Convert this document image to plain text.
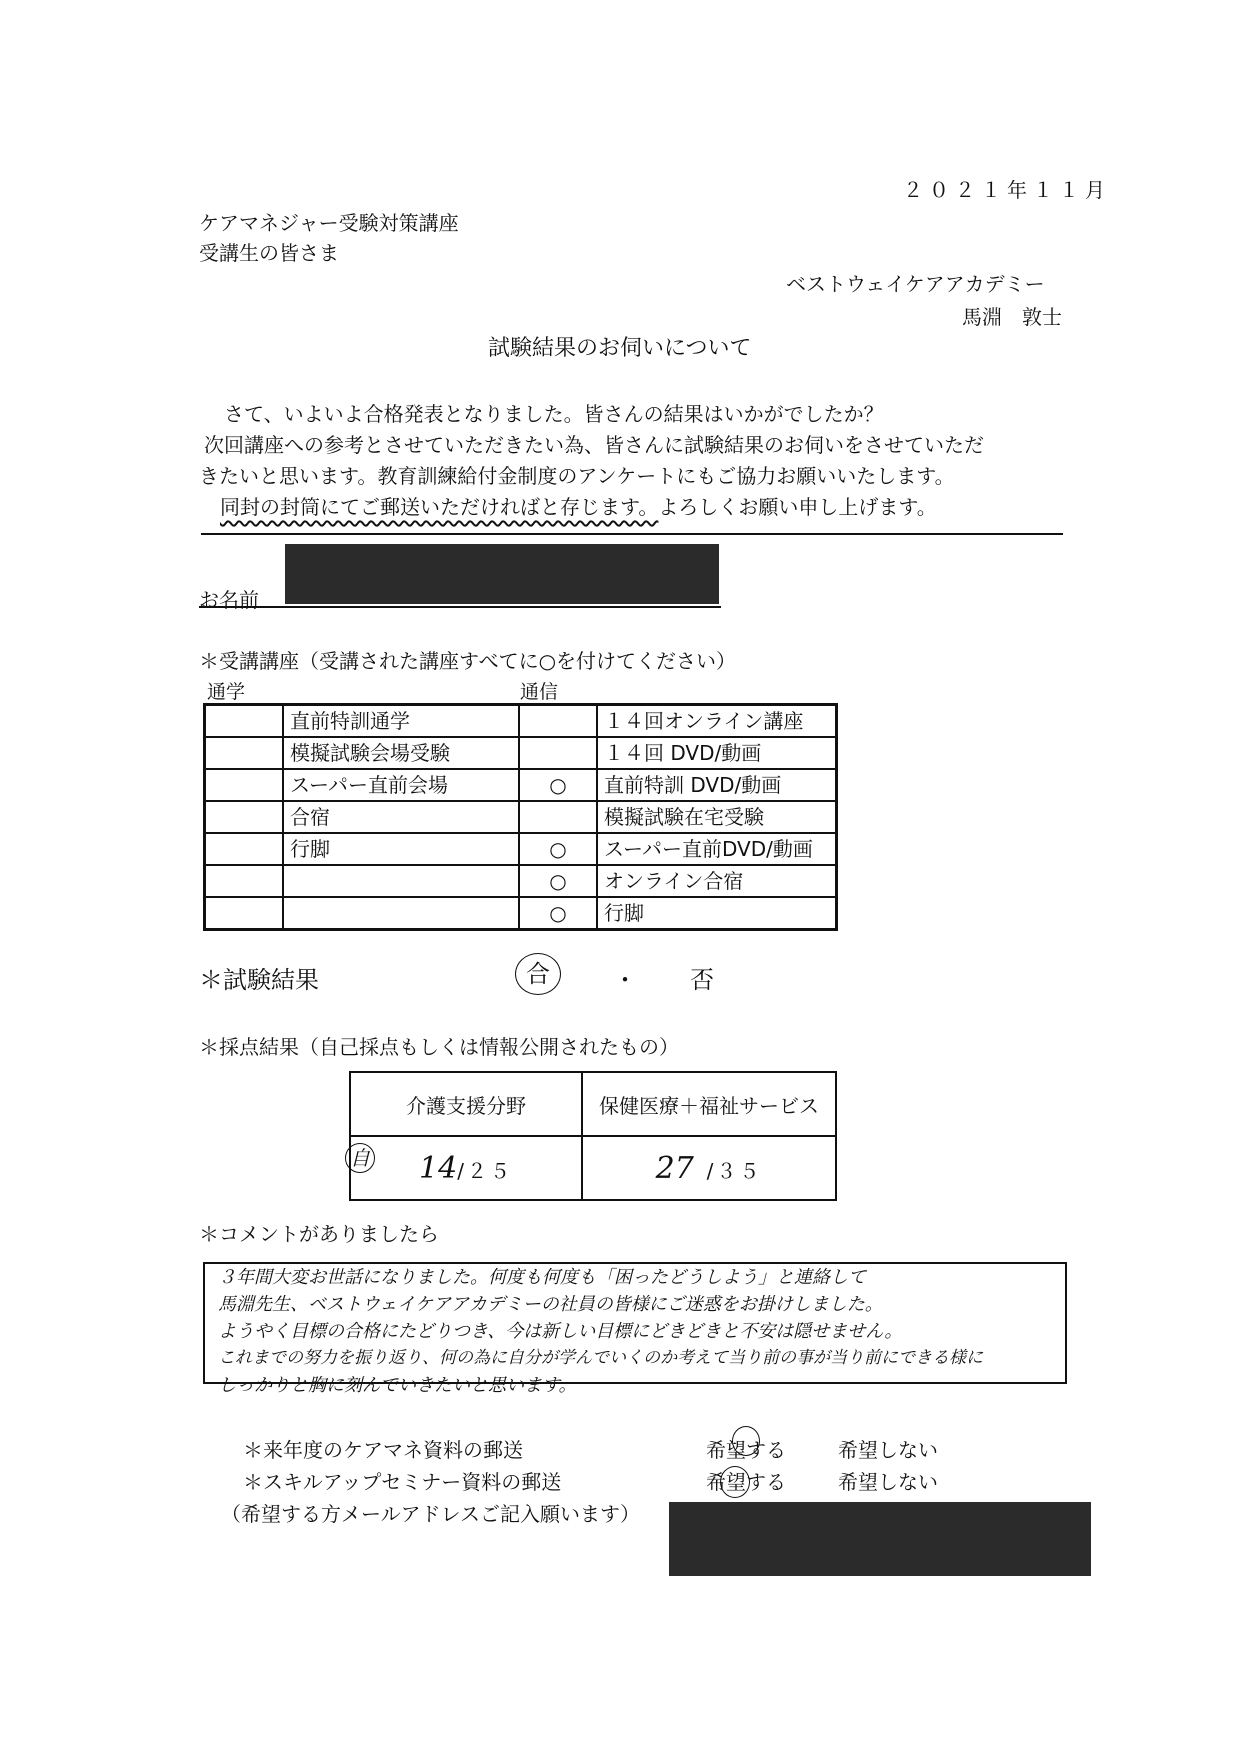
２０２１年１１月
ケアマネジャー受験対策講座
受講生の皆さま
ベストウェイケアアカデミー
馬淵　敦士
試験結果のお伺いについて
さて、いよいよ合格発表となりました。皆さんの結果はいかがでしたか？
次回講座への参考とさせていただきたい為、皆さんに試験結果のお伺いをさせていただ
きたいと思います。教育訓練給付金制度のアンケートにもご協力お願いいたします。
同封の封筒にてご郵送いただければと存じます。よろしくお願い申し上げます。
お名前
＊受講講座（受講された講座すべてに○を付けてください）
通学	通信
	直前特訓通学		１４回オンライン講座
	模擬試験会場受験		１４回 DVD/動画
	スーパー直前会場	○	直前特訓 DVD/動画
	合宿		模擬試験在宅受験
	行脚	○	スーパー直前DVD/動画
		○	オンライン合宿
		○	行脚
＊試験結果	合	・ 否
＊採点結果（自己採点もしくは情報公開されたもの）
介護支援分野	保健医療＋福祉サービス

自 14/２５	27 /３５
＊コメントがありましたら
３年間大変お世話になりました。何度も何度も「困ったどうしよう」と連絡して
馬淵先生、ベストウェイケアアカデミーの社員の皆様にご迷惑をお掛けしました。
ようやく目標の合格にたどりつき、今は新しい目標にどきどきと不安は隠せません。
これまでの努力を振り返り、何の為に自分が学んでいくのか考えて当り前の事が当り前にできる様に
しっかりと胸に刻んでいきたいと思います。
＊来年度のケアマネ資料の郵送	希望する	希望しない
＊スキルアップセミナー資料の郵送	希望する	希望しない
（希望する方メールアドレスご記入願います）
